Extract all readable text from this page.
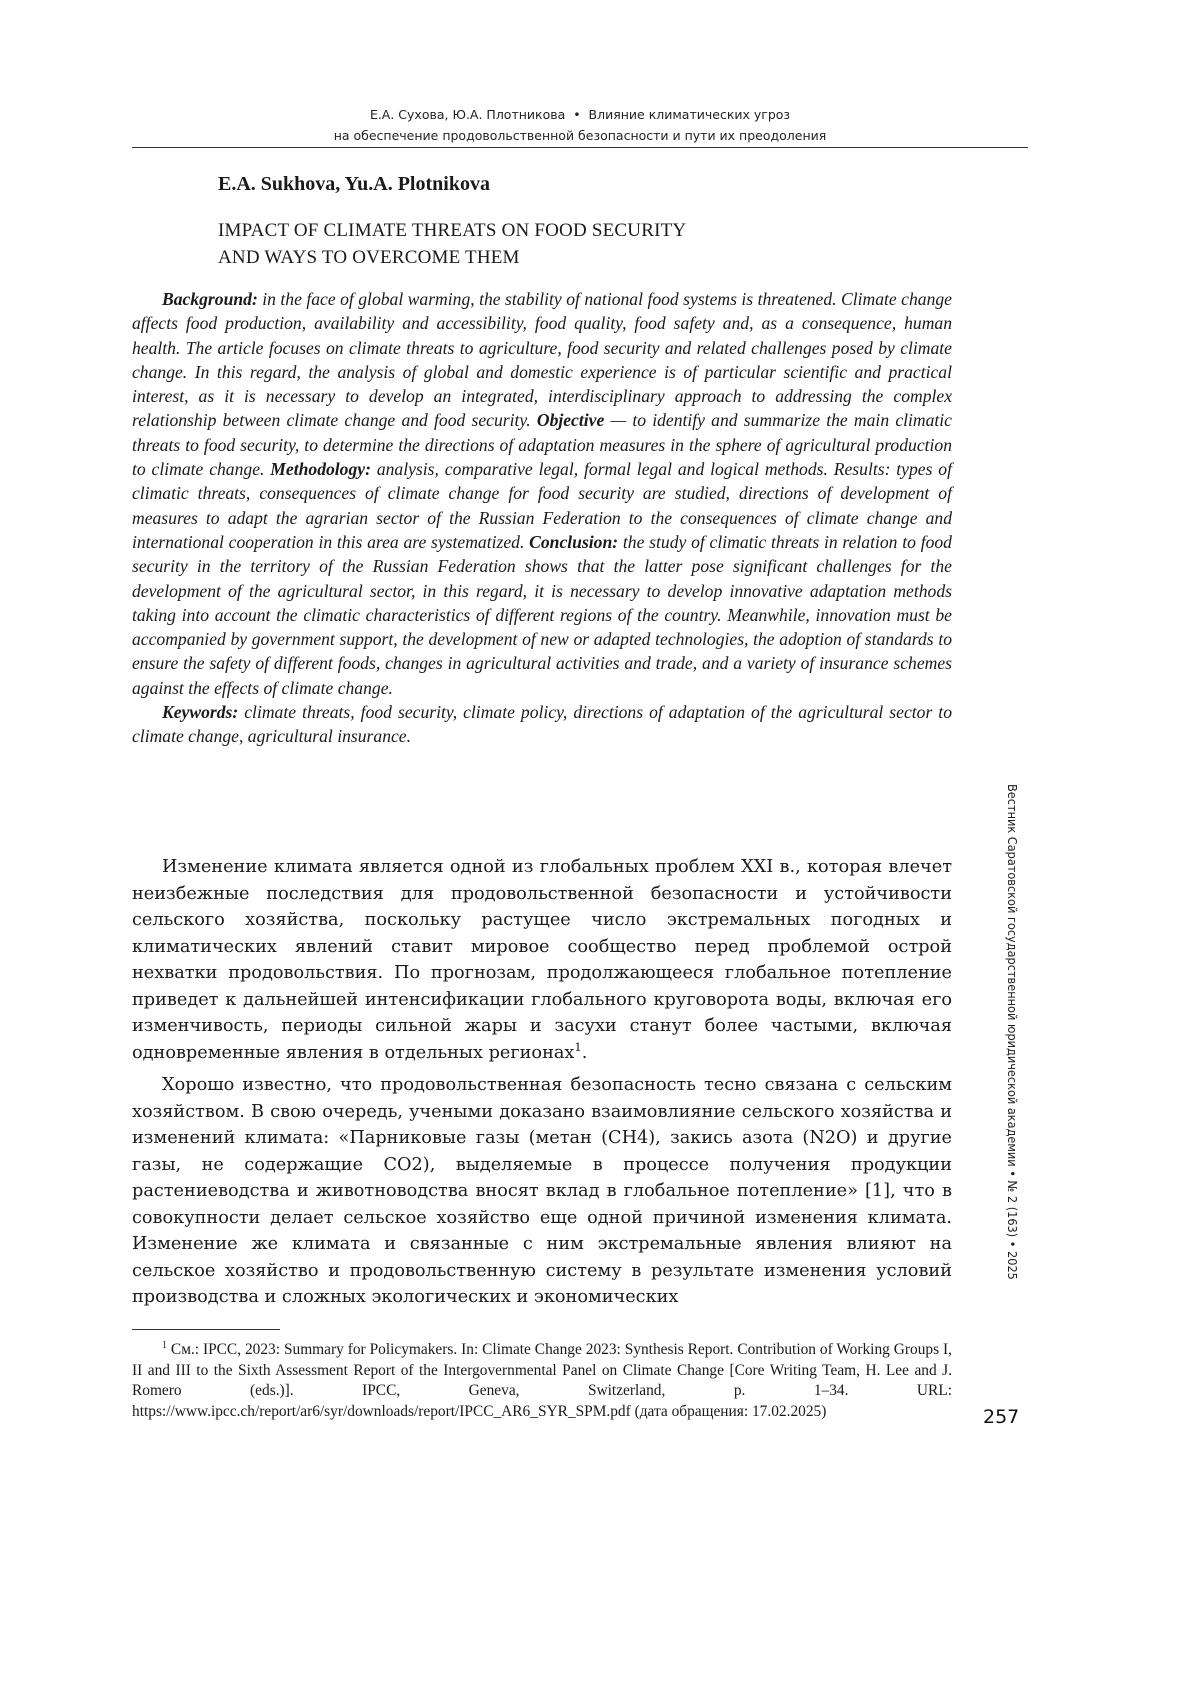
Е.А. Сухова, Ю.А. Плотникова • Влияние климатических угроз
на обеспечение продовольственной безопасности и пути их преодоления
E.A. Sukhova, Yu.A. Plotnikova
IMPACT OF CLIMATE THREATS ON FOOD SECURITY
AND WAYS TO OVERCOME THEM

Background: in the face of global warming, the stability of national food systems is threatened. Climate change affects food production, availability and accessibility, food quality, food safety and, as a consequence, human health. The article focuses on climate threats to agriculture, food security and related challenges posed by climate change. In this regard, the analysis of global and domestic experience is of particular scientific and practical interest, as it is necessary to develop an integrated, interdisciplinary approach to addressing the complex relationship between climate change and food security. Objective — to identify and summarize the main climatic threats to food security, to determine the directions of adaptation measures in the sphere of agricultural production to climate change. Methodology: analysis, comparative legal, formal legal and logical methods. Results: types of climatic threats, consequences of climate change for food security are studied, directions of development of measures to adapt the agrarian sector of the Russian Federation to the consequences of climate change and international cooperation in this area are systematized. Conclusion: the study of climatic threats in relation to food security in the territory of the Russian Federation shows that the latter pose significant challenges for the development of the agricultural sector, in this regard, it is necessary to develop innovative adaptation methods taking into account the climatic characteristics of different regions of the country. Meanwhile, innovation must be accompanied by government support, the development of new or adapted technologies, the adoption of standards to ensure the safety of different foods, changes in agricultural activities and trade, and a variety of insurance schemes against the effects of climate change.

Keywords: climate threats, food security, climate policy, directions of adaptation of the agricultural sector to climate change, agricultural insurance.

Изменение климата является одной из глобальных проблем XXI в., которая влечет неизбежные последствия для продовольственной безопасности и устойчивости сельского хозяйства, поскольку растущее число экстремальных погодных и климатических явлений ставит мировое сообщество перед проблемой острой нехватки продовольствия. По прогнозам, продолжающееся глобальное потепление приведет к дальнейшей интенсификации глобального круговорота воды, включая его изменчивость, периоды сильной жары и засухи станут более частыми, включая одновременные явления в отдельных регионах$^1$.

Хорошо известно, что продовольственная безопасность тесно связана с сельским хозяйством. В свою очередь, учеными доказано взаимовлияние сельского хозяйства и изменений климата: «Парниковые газы (метан (CH4), закись азота (N2O) и другие газы, не содержащие CO2), выделяемые в процессе получения продукции растениеводства и животноводства вносят вклад в глобальное потепление» [1], что в совокупности делает сельское хозяйство еще одной причиной изменения климата. Изменение же климата и связанные с ним экстремальные явления влияют на сельское хозяйство и продовольственную систему в результате изменения условий производства и сложных экологических и экономических

$^1$ См.: IPCC, 2023: Summary for Policymakers. In: Climate Change 2023: Synthesis Report. Contribution of Working Groups I, II and III to the Sixth Assessment Report of the Intergovernmental Panel on Climate Change [Core Writing Team, H. Lee and J. Romero (eds.)]. IPCC, Geneva, Switzerland, p. 1–34. URL: https://www.ipcc.ch/report/ar6/syr/downloads/report/IPCC_AR6_SYR_SPM.pdf (дата обращения: 17.02.2025)

Вестник Саратовской государственной юридической академии • № 2 (163) • 2025
257
